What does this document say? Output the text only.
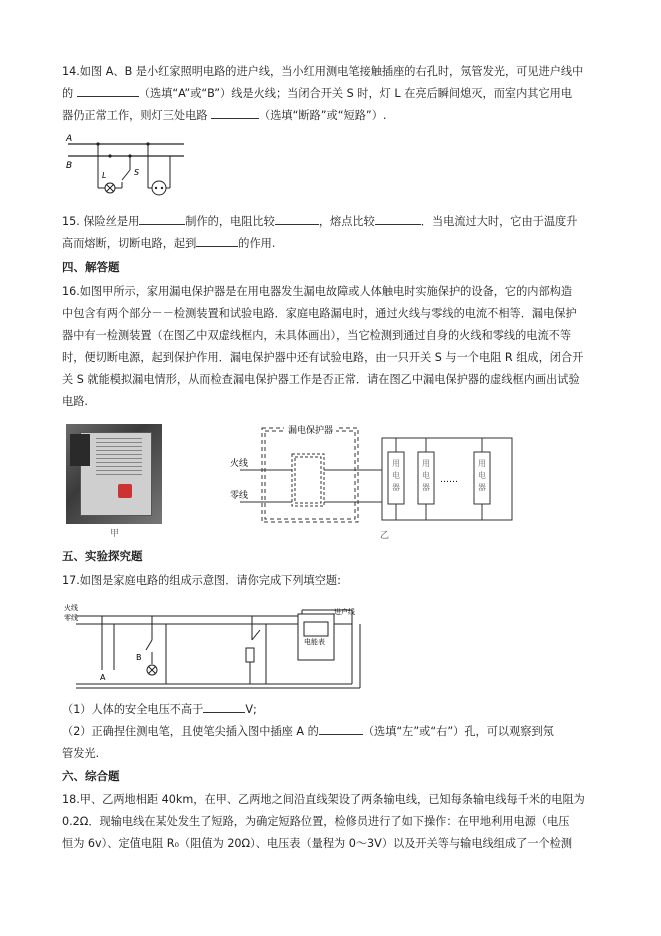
14.如图 A、B 是小红家照明电路的进户线，当小红用测电笔接触插座的右孔时，氖管发光，可见进户线中
的	（选填“A”或“B”）线是火线；当闭合开关 S 时，灯 L 在亮后瞬间熄灭，而室内其它用电
器仍正常工作，则灯三处电路	（选填“断路”或“短路”）.
A
B
L	S
15. 保险丝是用	制作的，电阻比较	，熔点比较	．当电流过大时，它由于温度升
高而熔断，切断电路，起到	的作用.
四、解答题
16.如图甲所示，家用漏电保护器是在用电器发生漏电故障或人体触电时实施保护的设备，它的内部构造
中包含有两个部分－－检测装置和试验电路．家庭电路漏电时，通过火线与零线的电流不相等．漏电保护
器中有一检测装置（在图乙中双虚线框内，未具体画出），当它检测到通过自身的火线和零线的电流不等
时，便切断电源，起到保护作用．漏电保护器中还有试验电路，由一只开关 S 与一个电阻 R 组成，闭合开
关 S 就能模拟漏电情形，从而检查漏电保护器工作是否正常．请在图乙中漏电保护器的虚线框内画出试验
电路.
甲
漏电保护器
火线
零线
用电器
用电器
用电器
……
乙
五、实验探究题
17.如图是家庭电路的组成示意图．请你完成下列填空题:
火线
零线
进户线
电能表
A
B
（1）人体的安全电压不高于	V;
（2）正确捏住测电笔，且使笔尖插入图中插座 A 的	（选填“左”或“右”）孔，可以观察到氖
管发光.
六、综合题
18.甲、乙两地相距 40km，在甲、乙两地之间沿直线架设了两条输电线，已知每条输电线每千米的电阻为
0.2Ω．现输电线在某处发生了短路，为确定短路位置，检修员进行了如下操作：在甲地利用电源（电压
恒为 6v）、定值电阻 R₀（阻值为 20Ω）、电压表（量程为 0～3V）以及开关等与输电线组成了一个检测
